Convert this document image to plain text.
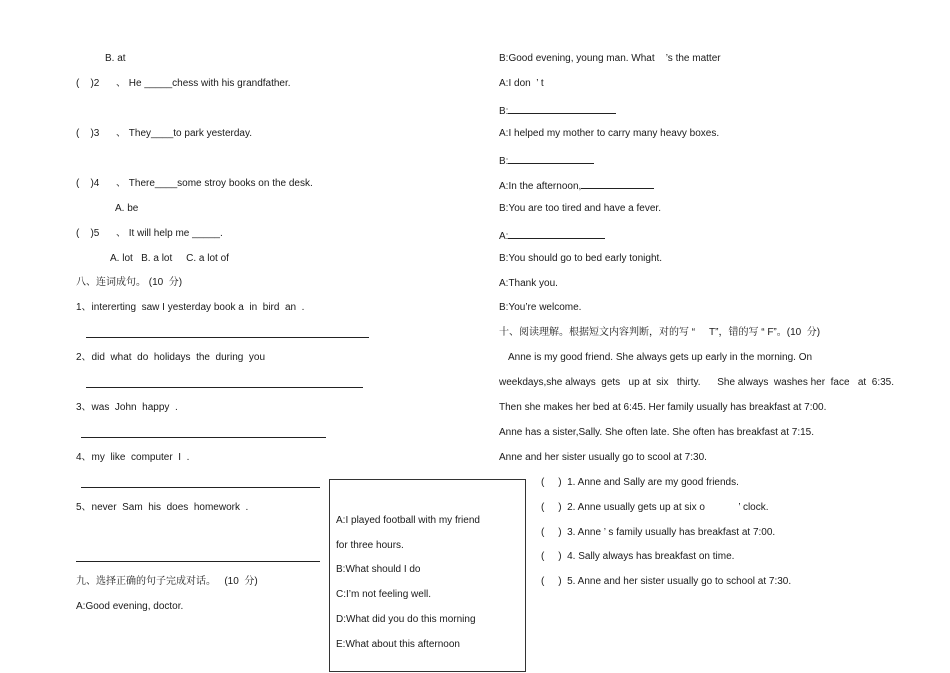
B. at
(    )2      、 He _____chess with his grandfather.
(    )3      、 They____to park yesterday.
(    )4      、 There____some stroy books on the desk.
A. be
(    )5      、 It will help me _____.
A. lot   B. a lot     C. a lot of
八、连词成句。 (10  分)
1、intererting  saw I yesterday book a  in  bird  an  .
2、did  what  do  holidays  the  during  you
3、was  John  happy  .
4、my  like  computer  I  .
5、never  Sam  his  does  homework  .
九、选择正确的句子完成对话。   (10  分)
A:Good evening, doctor.
A:I played football with my friend
for three hours.
B:What should I do
C:I’m not feeling well.
D:What did you do this morning
E:What about this afternoon
B:Good evening, young man. What    ’s the matter
A:I don  ’ t
B:
A:I helped my mother to carry many heavy boxes.
B:
A:In the afternoon,
B:You are too tired and have a fever.
A:
B:You should go to bed early tonight.
A:Thank you.
B:You’re welcome.
十、阅读理解。根据短文内容判断，对的写 “     T”，错的写 “ F”。(10  分)
Anne is my good friend. She always gets up early in the morning. On
weekdays,she always  gets   up at  six   thirty.      She always  washes her  face   at  6:35.
Then she makes her bed at 6:45. Her family usually has breakfast at 7:00.
Anne has a sister,Sally. She often late. She often has breakfast at 7:15.
Anne and her sister usually go to scool at 7:30.
(     )  1. Anne and Sally are my good friends.
(     )  2. Anne usually gets up at six o            ’ clock.
(     )  3. Anne ’ s family usually has breakfast at 7:00.
(     )  4. Sally always has breakfast on time.
(     )  5. Anne and her sister usually go to school at 7:30.
